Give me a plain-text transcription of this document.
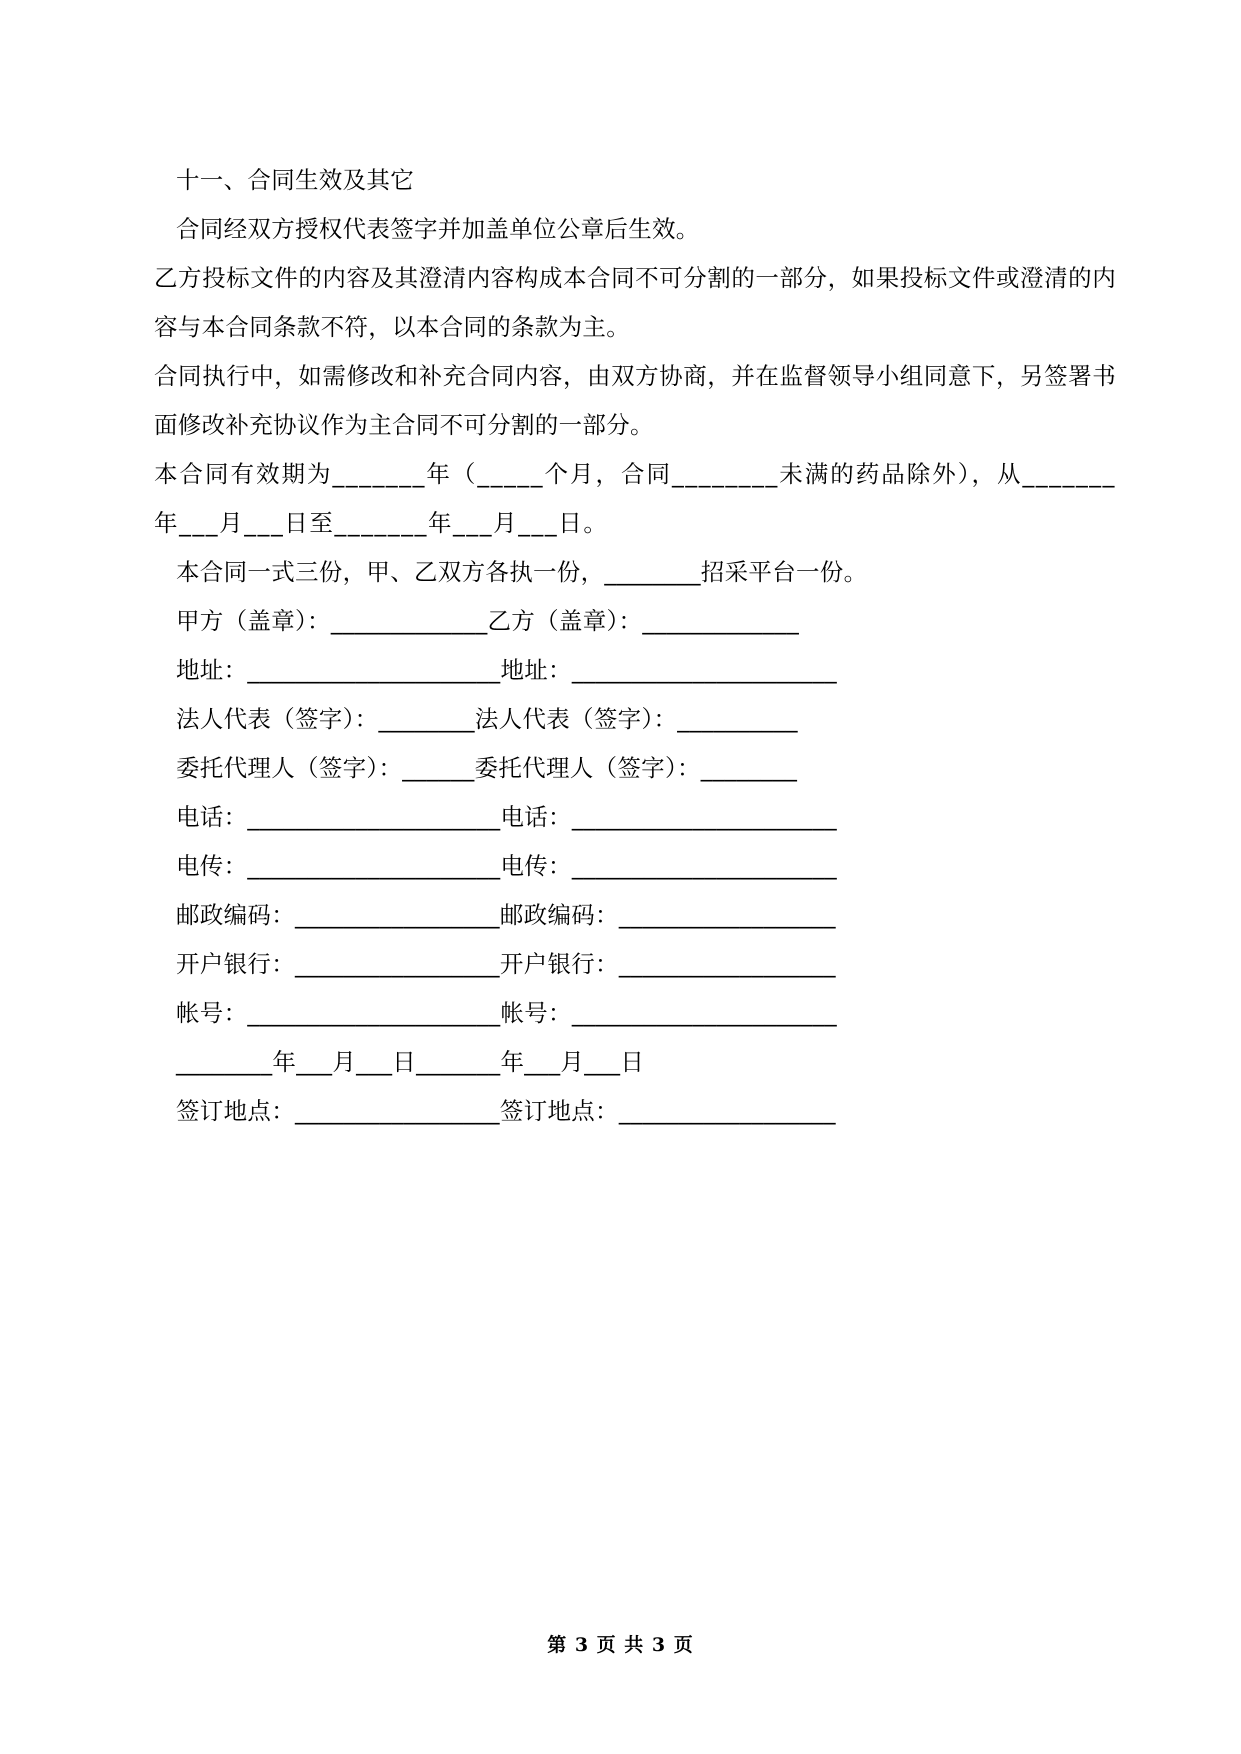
十一、合同生效及其它

合同经双方授权代表签字并加盖单位公章后生效。

乙方投标文件的内容及其澄清内容构成本合同不可分割的一部分，如果投标文件或澄清的内容与本合同条款不符，以本合同的条款为主。

合同执行中，如需修改和补充合同内容，由双方协商，并在监督领导小组同意下，另签署书面修改补充协议作为主合同不可分割的一部分。

本合同有效期为_______年（_____个月，合同________未满的药品除外），从_______年___月___日至_______年___月___日。

本合同一式三份，甲、乙双方各执一份，________招采平台一份。

甲方（盖章）：_____________乙方（盖章）：_____________

地址：_____________________地址：______________________

法人代表（签字）：________法人代表（签字）：__________

委托代理人（签字）：______委托代理人（签字）：________

电话：_____________________电话：______________________

电传：_____________________电传：______________________

邮政编码：_________________邮政编码：__________________

开户银行：_________________开户银行：__________________

帐号：_____________________帐号：______________________

________年___月___日_______年___月___日

签订地点：_________________签订地点：__________________

第 3 页 共 3 页
